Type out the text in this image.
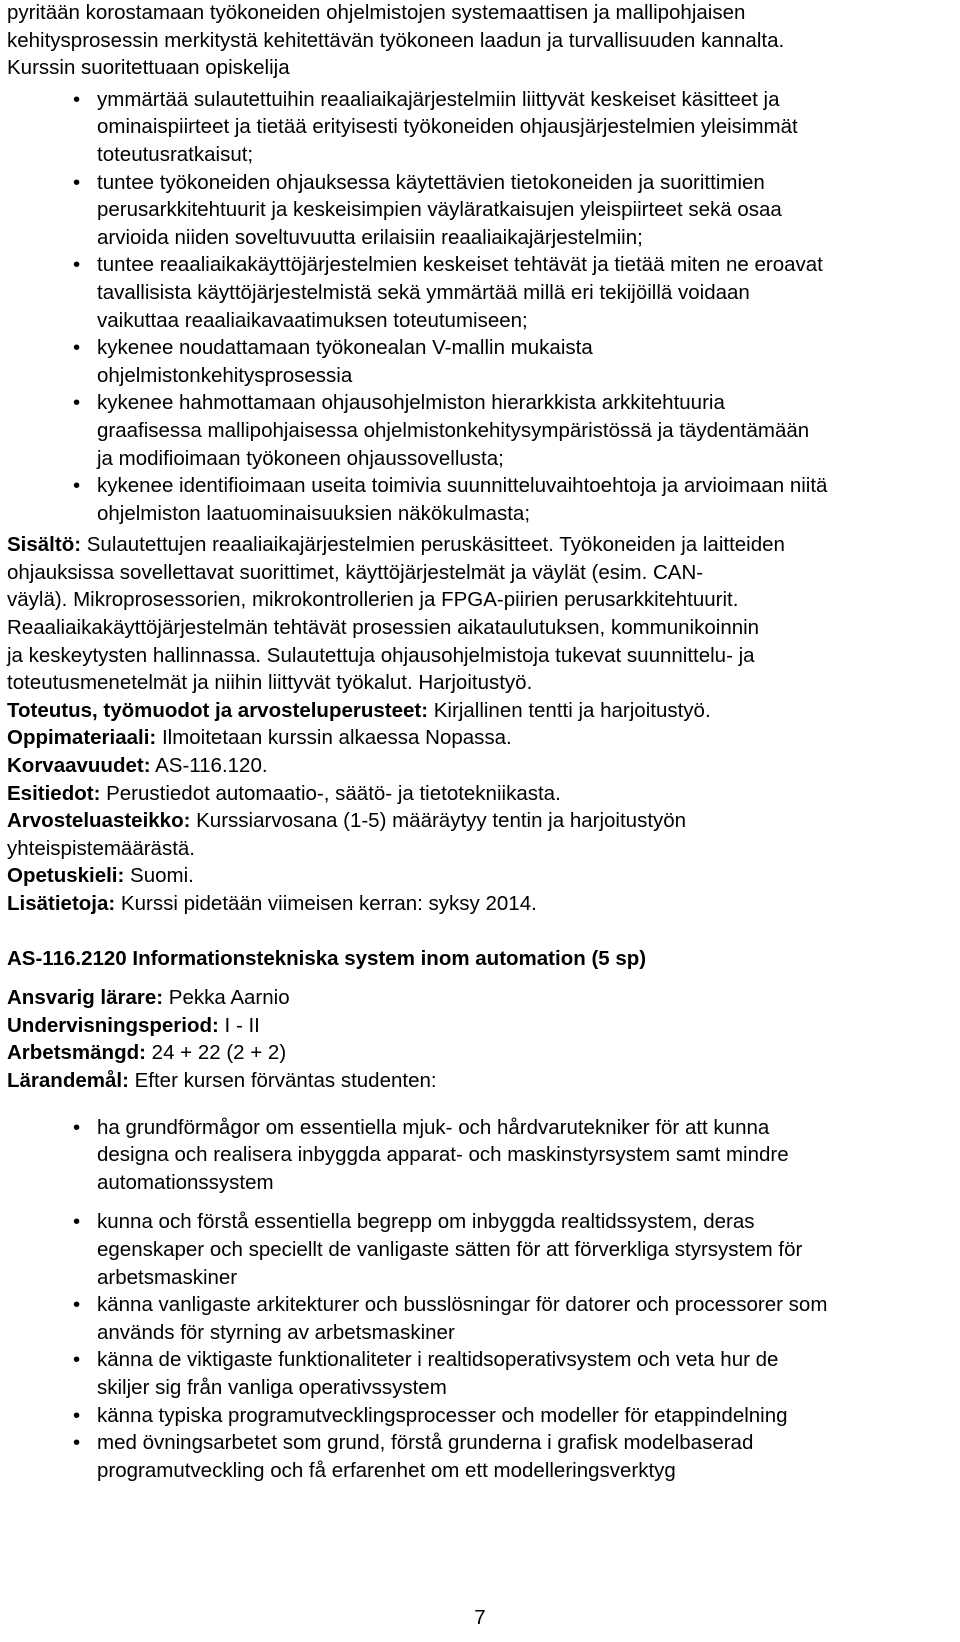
pyritään korostamaan työkoneiden ohjelmistojen systemaattisen ja mallipohjaisen
kehitysprosessin merkitystä kehitettävän työkoneen laadun ja turvallisuuden kannalta.
Kurssin suoritettuaan opiskelija
• ymmärtää sulautettuihin reaaliaikajärjestelmiin liittyvät keskeiset käsitteet ja
ominaispiirteet ja tietää erityisesti työkoneiden ohjausjärjestelmien yleisimmät
toteutusratkaisut;
• tuntee työkoneiden ohjauksessa käytettävien tietokoneiden ja suorittimien
perusarkkitehtuurit ja keskeisimpien väyläratkaisujen yleispiirteet sekä osaa
arvioida niiden soveltuvuutta erilaisiin reaaliaikajärjestelmiin;
• tuntee reaaliaikakäyttöjärjestelmien keskeiset tehtävät ja tietää miten ne eroavat
tavallisista käyttöjärjestelmistä sekä ymmärtää millä eri tekijöillä voidaan
vaikuttaa reaaliaikavaatimuksen toteutumiseen;
• kykenee noudattamaan työkonealan V-mallin mukaista
ohjelmistonkehitysprosessia
• kykenee hahmottamaan ohjausohjelmiston hierarkkista arkkitehtuuria
graafisessa mallipohjaisessa ohjelmistonkehitysympäristössä ja täydentämään
ja modifioimaan työkoneen ohjaussovellusta;
• kykenee identifioimaan useita toimivia suunnitteluvaihtoehtoja ja arvioimaan niitä
ohjelmiston laatuominaisuuksien näkökulmasta;
Sisältö: Sulautettujen reaaliaikajärjestelmien peruskäsitteet. Työkoneiden ja laitteiden
ohjauksissa sovellettavat suorittimet, käyttöjärjestelmät ja väylät (esim. CAN-
väylä). Mikroprosessorien, mikrokontrollerien ja FPGA-piirien perusarkkitehtuurit.
Reaaliaikakäyttöjärjestelmän tehtävät prosessien aikataulutuksen, kommunikoinnin
ja keskeytysten hallinnassa. Sulautettuja ohjausohjelmistoja tukevat suunnittelu- ja
toteutusmenetelmät ja niihin liittyvät työkalut. Harjoitustyö.
Toteutus, työmuodot ja arvosteluperusteet: Kirjallinen tentti ja harjoitustyö.
Oppimateriaali: Ilmoitetaan kurssin alkaessa Nopassa.
Korvaavuudet: AS-116.120.
Esitiedot: Perustiedot automaatio-, säätö- ja tietotekniikasta.
Arvosteluasteikko: Kurssiarvosana (1-5) määräytyy tentin ja harjoitustyön
yhteispistemäärästä.
Opetuskieli: Suomi.
Lisätietoja: Kurssi pidetään viimeisen kerran: syksy 2014.
AS-116.2120 Informationstekniska system inom automation (5 sp)
Ansvarig lärare: Pekka Aarnio
Undervisningsperiod: I - II
Arbetsmängd: 24 + 22 (2 + 2)
Lärandemål: Efter kursen förväntas studenten:
• ha grundförmågor om essentiella mjuk- och hårdvarutekniker för att kunna
designa och realisera inbyggda apparat- och maskinstyrsystem samt mindre
automationssystem
• kunna och förstå essentiella begrepp om inbyggda realtidssystem, deras
egenskaper och speciellt de vanligaste sätten för att förverkliga styrsystem för
arbetsmaskiner
• känna vanligaste arkitekturer och busslösningar för datorer och processorer som
används för styrning av arbetsmaskiner
• känna de viktigaste funktionaliteter i realtidsoperativsystem och veta hur de
skiljer sig från vanliga operativssystem
• känna typiska programutvecklingsprocesser och modeller för etappindelning
• med övningsarbetet som grund, förstå grunderna i grafisk modelbaserad
programutveckling och få erfarenhet om ett modelleringsverktyg
7
